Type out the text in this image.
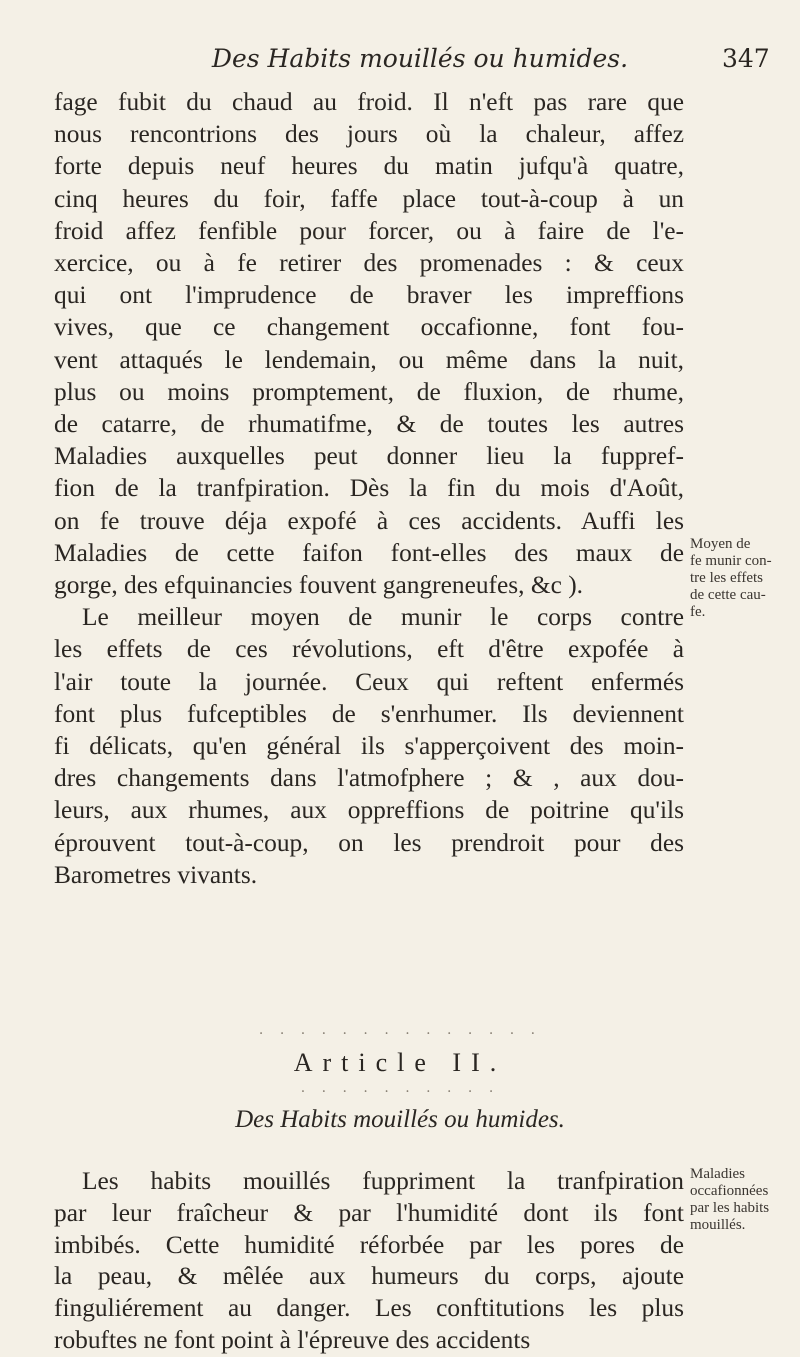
Des Habits mouillés ou humides.	347
fage fubit du chaud au froid. Il n'eft pas rare que
nous rencontrions des jours où la chaleur, affez
forte depuis neuf heures du matin jufqu'à quatre,
cinq heures du foir, faffe place tout-à-coup à un
froid affez fenfible pour forcer, ou à faire de l'e-
xercice, ou à fe retirer des promenades : & ceux
qui ont l'imprudence de braver les impreffions
vives, que ce changement occafionne, font fou-
vent attaqués le lendemain, ou même dans la nuit,
plus ou moins promptement, de fluxion, de rhume,
de catarre, de rhumatifme, & de toutes les autres
Maladies auxquelles peut donner lieu la fuppref-
fion de la tranfpiration. Dès la fin du mois d'Août,
on fe trouve déja expofé à ces accidents. Auffi les
Maladies de cette faifon font-elles des maux de
gorge, des efquinancies fouvent gangreneufes, &c ).
Le meilleur moyen de munir le corps contre
les effets de ces révolutions, eft d'être expofée à
l'air toute la journée. Ceux qui reftent enfermés
font plus fufceptibles de s'enrhumer. Ils deviennent
fi délicats, qu'en général ils s'apperçoivent des moin-
dres changements dans l'atmofphere ; & , aux dou-
leurs, aux rhumes, aux oppreffions de poitrine qu'ils
éprouvent tout-à-coup, on les prendroit pour des
Barometres vivants.
Moyen de
fe munir con-
tre les effets
de cette cau-
fe.
· · · · · · · · · · · · · ·
Article II.
· · · · · · · · · ·
Des Habits mouillés ou humides.
Les habits mouillés fuppriment la tranfpiration
par leur fraîcheur & par l'humidité dont ils font
imbibés. Cette humidité réforbée par les pores de
la peau, & mêlée aux humeurs du corps, ajoute
finguliérement au danger. Les conftitutions les plus
robuftes ne font point à l'épreuve des accidents
Maladies
occafionnées
par les habits
mouillés.
